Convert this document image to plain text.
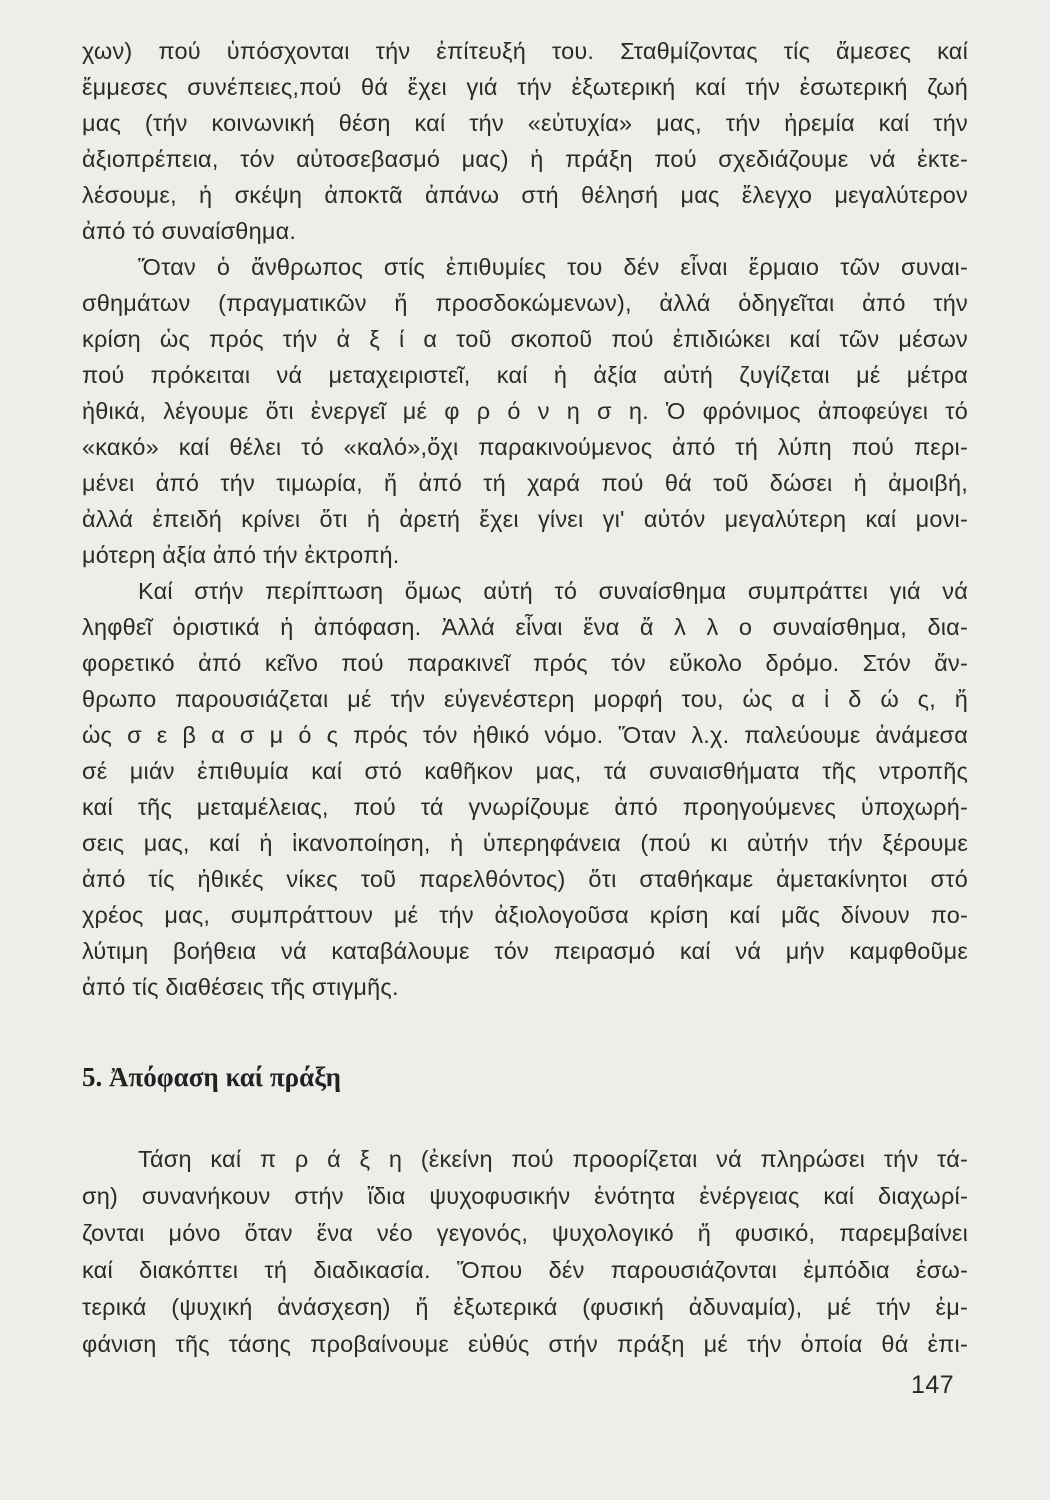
χων) πού ὑπόσχονται τήν ἐπίτευξή του. Σταθμίζοντας τίς ἄμεσες καί
ἔμμεσες συνέπειες,πού θά ἔχει γιά τήν ἐξωτερική καί τήν ἐσωτερική ζωή
μας (τήν κοινωνική θέση καί τήν «εὐτυχία» μας, τήν ἠρεμία καί τήν
ἀξιοπρέπεια, τόν αὐτοσεβασμό μας) ἡ πράξη πού σχεδιάζουμε νά ἐκτε-
λέσουμε, ἡ σκέψη ἀποκτᾶ ἀπάνω στή θέλησή μας ἔλεγχο μεγαλύτερον
ἀπό τό συναίσθημα.
Ὅταν ὁ ἄνθρωπος στίς ἐπιθυμίες του δέν εἶναι ἕρμαιο τῶν συναι-
σθημάτων (πραγματικῶν ἤ προσδοκώμενων), ἀλλά ὁδηγεῖται ἀπό τήν
κρίση ὡς πρός τήν ἀ ξ ί α τοῦ σκοποῦ πού ἐπιδιώκει καί τῶν μέσων
πού πρόκειται νά μεταχειριστεῖ, καί ἡ ἀξία αὐτή ζυγίζεται μέ μέτρα
ἠθικά, λέγουμε ὅτι ἐνεργεῖ μέ φ ρ ό ν η σ η. Ὁ φρόνιμος ἀποφεύγει τό
«κακό» καί θέλει τό «καλό»,ὄχι παρακινούμενος ἀπό τή λύπη πού περι-
μένει ἀπό τήν τιμωρία, ἤ ἀπό τή χαρά πού θά τοῦ δώσει ἡ ἀμοιβή,
ἀλλά ἐπειδή κρίνει ὅτι ἡ ἀρετή ἔχει γίνει γι' αὐτόν μεγαλύτερη καί μονι-
μότερη ἀξία ἀπό τήν ἐκτροπή.
Καί στήν περίπτωση ὅμως αὐτή τό συναίσθημα συμπράττει γιά νά
ληφθεῖ ὁριστικά ἡ ἀπόφαση. Ἀλλά εἶναι ἕνα ἄ λ λ ο συναίσθημα, δια-
φορετικό ἀπό κεῖνο πού παρακινεῖ πρός τόν εὔκολο δρόμο. Στόν ἄν-
θρωπο παρουσιάζεται μέ τήν εὐγενέστερη μορφή του, ὡς α ἰ δ ώ ς, ἤ
ὡς σ ε β α σ μ ό ς πρός τόν ἠθικό νόμο. Ὅταν λ.χ. παλεύουμε ἀνάμεσα
σέ μιάν ἐπιθυμία καί στό καθῆκον μας, τά συναισθήματα τῆς ντροπῆς
καί τῆς μεταμέλειας, πού τά γνωρίζουμε ἀπό προηγούμενες ὑποχωρή-
σεις μας, καί ἡ ἱκανοποίηση, ἡ ὑπερηφάνεια (πού κι αὐτήν τήν ξέρουμε
ἀπό τίς ἠθικές νίκες τοῦ παρελθόντος) ὅτι σταθήκαμε ἀμετακίνητοι στό
χρέος μας, συμπράττουν μέ τήν ἀξιολογοῦσα κρίση καί μᾶς δίνουν πο-
λύτιμη βοήθεια νά καταβάλουμε τόν πειρασμό καί νά μήν καμφθοῦμε
ἀπό τίς διαθέσεις τῆς στιγμῆς.
5. Ἀπόφαση καί πράξη
Τάση καί π ρ ά ξ η (ἐκείνη πού προορίζεται νά πληρώσει τήν τά-
ση) συνανήκουν στήν ἴδια ψυχοφυσικήν ἑνότητα ἐνέργειας καί διαχωρί-
ζονται μόνο ὅταν ἕνα νέο γεγονός, ψυχολογικό ἤ φυσικό, παρεμβαίνει
καί διακόπτει τή διαδικασία. Ὅπου δέν παρουσιάζονται ἐμπόδια ἐσω-
τερικά (ψυχική ἀνάσχεση) ἤ ἐξωτερικά (φυσική ἀδυναμία), μέ τήν ἐμ-
φάνιση τῆς τάσης προβαίνουμε εὐθύς στήν πράξη μέ τήν ὁποία θά ἐπι-
147
